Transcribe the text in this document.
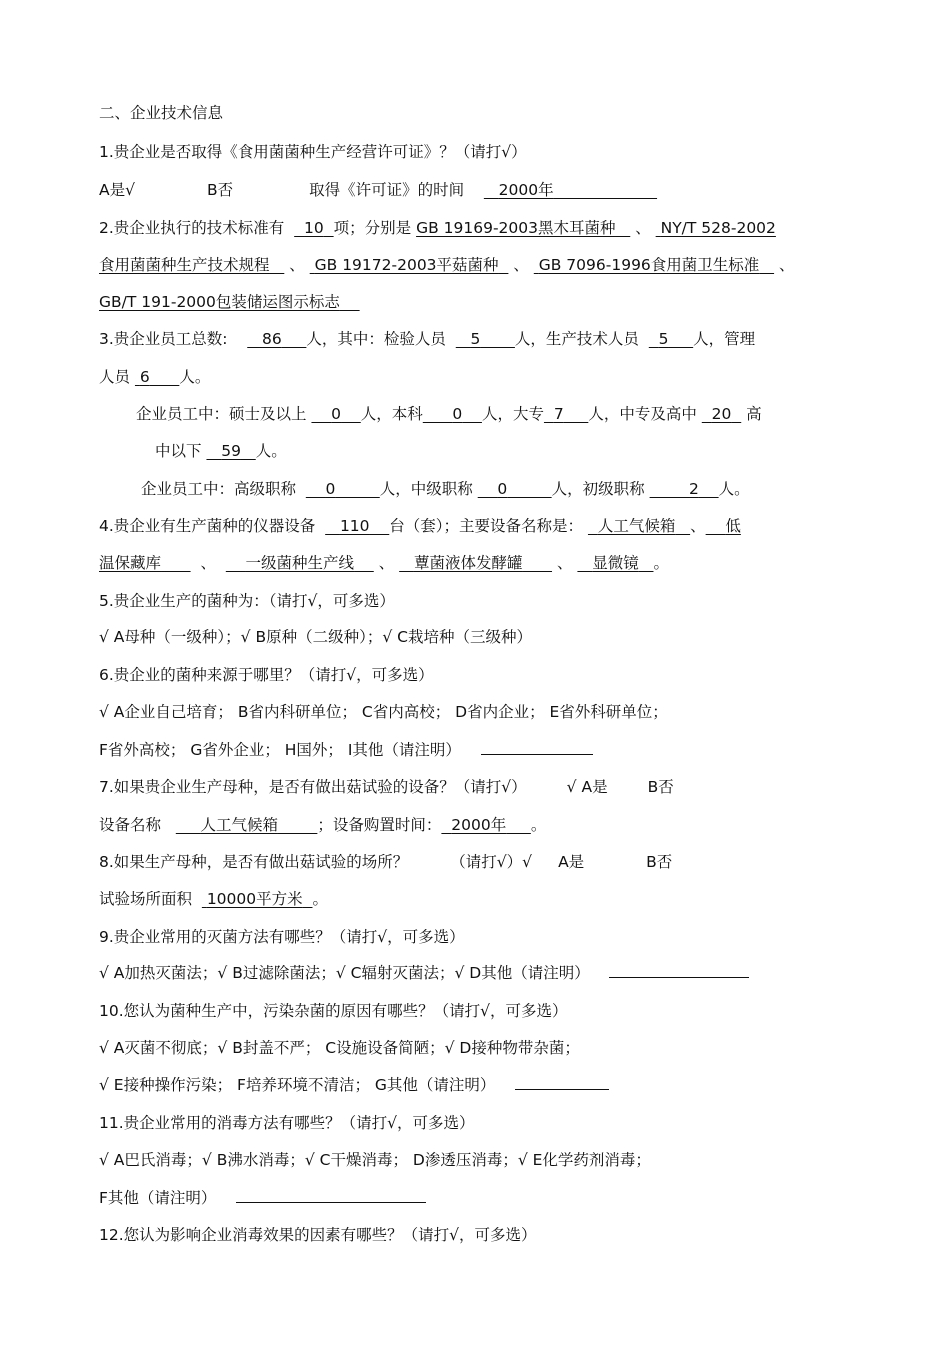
二、企业技术信息
1.贵企业是否取得《食用菌菌种生产经营许可证》？（请打√）
A是√	B否	取得《许可证》的时间 2000年
2.贵企业执行的技术标准有 10 项；分别是 GB 19169-2003黑木耳菌种 、 NY/T 528-2002
食用菌菌种生产技术规程 、 GB 19172-2003平菇菌种 、 GB 7096-1996食用菌卫生标准 、
GB/T 191-2000包装储运图示标志
3.贵企业员工总数: 86 人，其中：检验人员 5 人，生产技术人员 5 人，管理
人员 6 人。
企业员工中：硕士及以上 0 人，本科 0 人，大专 7 人，中专及高中 20 高
中以下 59 人。
企业员工中：高级职称 0	人，中级职称 0	人，初级职称	2 人。
4.贵企业有生产菌种的仪器设备 110 台（套）；主要设备名称是： 人工气候箱 、 低
温保藏库	、 一级菌种生产线 、 蕈菌液体发酵罐 、 显微镜 。
5.贵企业生产的菌种为：（请打√，可多选）
√ A母种（一级种）；√ B原种（二级种）；√ C栽培种（三级种）
6.贵企业的菌种来源于哪里？（请打√，可多选）
√ A企业自己培育； B省内科研单位； C省内高校； D省内企业； E省外科研单位；
F省外高校； G省外企业； H国外； I其他（请注明）
7.如果贵企业生产母种，是否有做出菇试验的设备？（请打√）	√ A是	B否
设备名称	人工气候箱	；设备购置时间： 2000年 。
8.如果生产母种，是否有做出菇试验的场所？	（请打√）√ A是	B否
试验场所面积 10000平方米 。
9.贵企业常用的灭菌方法有哪些？（请打√，可多选）
√ A加热灭菌法；√ B过滤除菌法；√ C辐射灭菌法；√ D其他（请注明）
10.您认为菌种生产中，污染杂菌的原因有哪些？（请打√，可多选）
√ A灭菌不彻底；√ B封盖不严； C设施设备简陋；√ D接种物带杂菌；
√ E接种操作污染； F培养环境不清洁； G其他（请注明）
11.贵企业常用的消毒方法有哪些？（请打√，可多选）
√ A巴氏消毒；√ B沸水消毒；√ C干燥消毒； D渗透压消毒；√ E化学药剂消毒；
F其他（请注明）
12.您认为影响企业消毒效果的因素有哪些？（请打√，可多选）
